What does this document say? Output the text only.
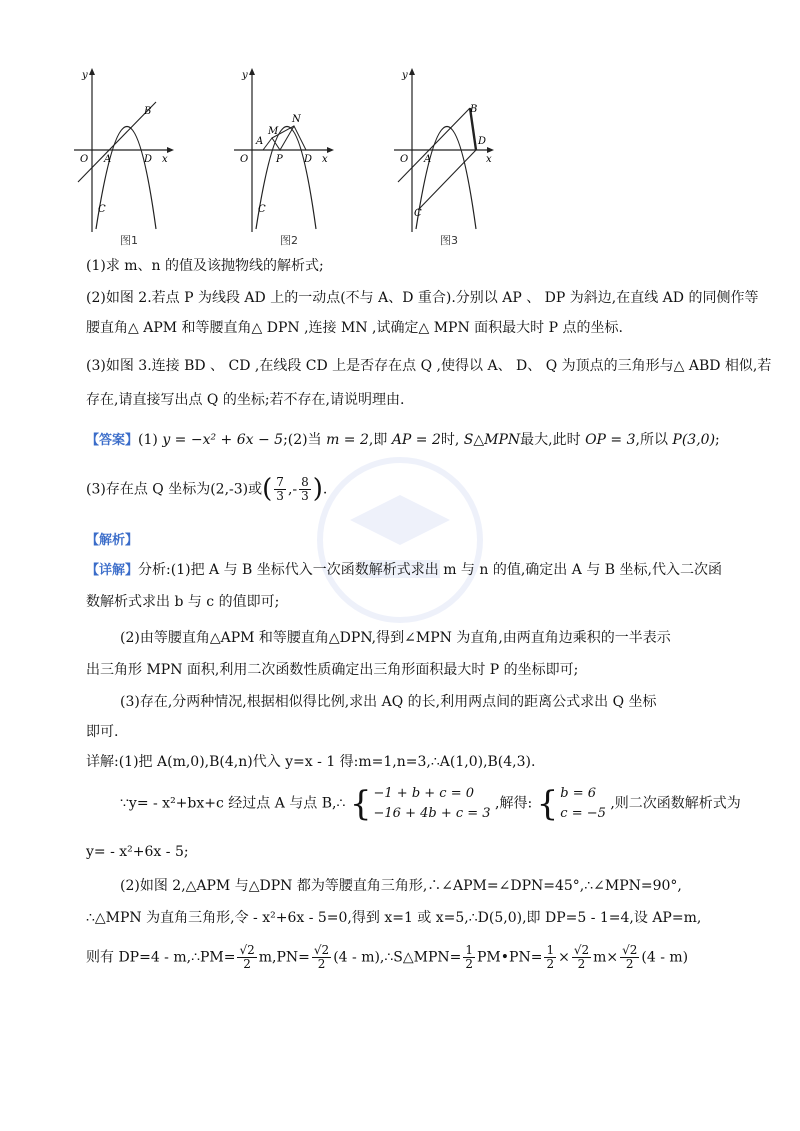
y
O A
B
D x
C
图1
y
O
A
M
N
P D x
C
图2
y
O A
B
D
x
C
图3
(1)求 m、n 的值及该抛物线的解析式;
(2)如图 2.若点 P 为线段 AD 上的一动点(不与 A、D 重合).分别以 AP 、 DP 为斜边,在直线 AD 的同侧作等
腰直角△ APM 和等腰直角△ DPN ,连接 MN ,试确定△ MPN 面积最大时 P 点的坐标.
(3)如图 3.连接 BD 、 CD ,在线段 CD 上是否存在点 Q ,使得以 A、 D、 Q 为顶点的三角形与△ ABD 相似,若
存在,请直接写出点 Q 的坐标;若不存在,请说明理由.
【答案】(1) y = −x² + 6x − 5;(2)当 m = 2,即 AP = 2时, S△MPN最大,此时 OP = 3,所以 P(3,0);
(3)存在点 Q 坐标为(2,-3)或( $\frac{7}{3}$ ,- $\frac{8}{3}$ ).
【解析】
【详解】分析:(1)把 A 与 B 坐标代入一次函数解析式求出 m 与 n 的值,确定出 A 与 B 坐标,代入二次函
数解析式求出 b 与 c 的值即可;
(2)由等腰直角△APM 和等腰直角△DPN,得到∠MPN 为直角,由两直角边乘积的一半表示
出三角形 MPN 面积,利用二次函数性质确定出三角形面积最大时 P 的坐标即可;
(3)存在,分两种情况,根据相似得比例,求出 AQ 的长,利用两点间的距离公式求出 Q 坐标
即可.
详解:(1)把 A(m,0),B(4,n)代入 y=x - 1 得:m=1,n=3,∴A(1,0),B(4,3).
∵y= - x²+bx+c 经过点 A 与点 B,∴ { −1 + b + c = 0
−16 + 4b + c = 3
,解得: { b = 6
c = −5
,则二次函数解析式为
y= - x²+6x - 5;
(2)如图 2,△APM 与△DPN 都为等腰直角三角形,∴∠APM=∠DPN=45°,∴∠MPN=90°,
∴△MPN 为直角三角形,令 - x²+6x - 5=0,得到 x=1 或 x=5,∴D(5,0),即 DP=5 - 1=4,设 AP=m,
则有 DP=4 - m,∴PM= $\frac{√2}{2} m,PN= \frac{√2}{2} (4$ - m),∴S△MPN= $\frac{1}{2}$ PM•PN= $\frac{1}{2} \times \frac{√2}{2} m\times \frac{√2}{2} (4 - m)$
